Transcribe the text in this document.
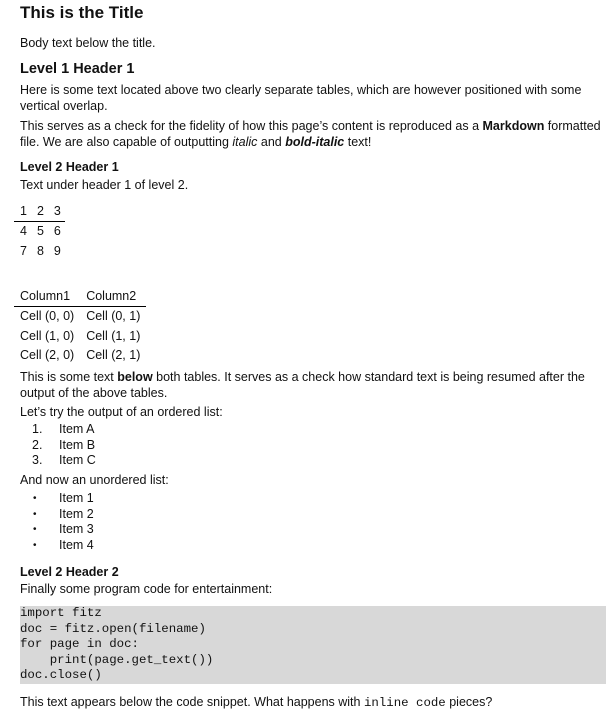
This is the Title

Body text below the title.

Level 1 Header 1

Here is some text located above two clearly separate tables, which are however positioned with some vertical overlap.

This serves as a check for the fidelity of how this page’s content is reproduced as a Markdown formatted file. We are also capable of outputting italic and bold-italic text!

Level 2 Header 1

Text under header 1 of level 2.

1	2	3
4	5	6
7	8	9
Column1	Column2
Cell (0, 0)	Cell (0, 1)
Cell (1, 0)	Cell (1, 1)
Cell (2, 0)	Cell (2, 1)

This is some text below both tables. It serves as a check how standard text is being resumed after the output of the above tables.

Let’s try the output of an ordered list:

1. Item A
2. Item B
3. Item C

And now an unordered list:

• Item 1
• Item 2
• Item 3
• Item 4
Level 2 Header 2

Finally some program code for entertainment:

import fitz
doc = fitz.open(filename)
for page in doc:
print(page.get_text())
doc.close()

This text appears below the code snippet. What happens with inline code pieces?
